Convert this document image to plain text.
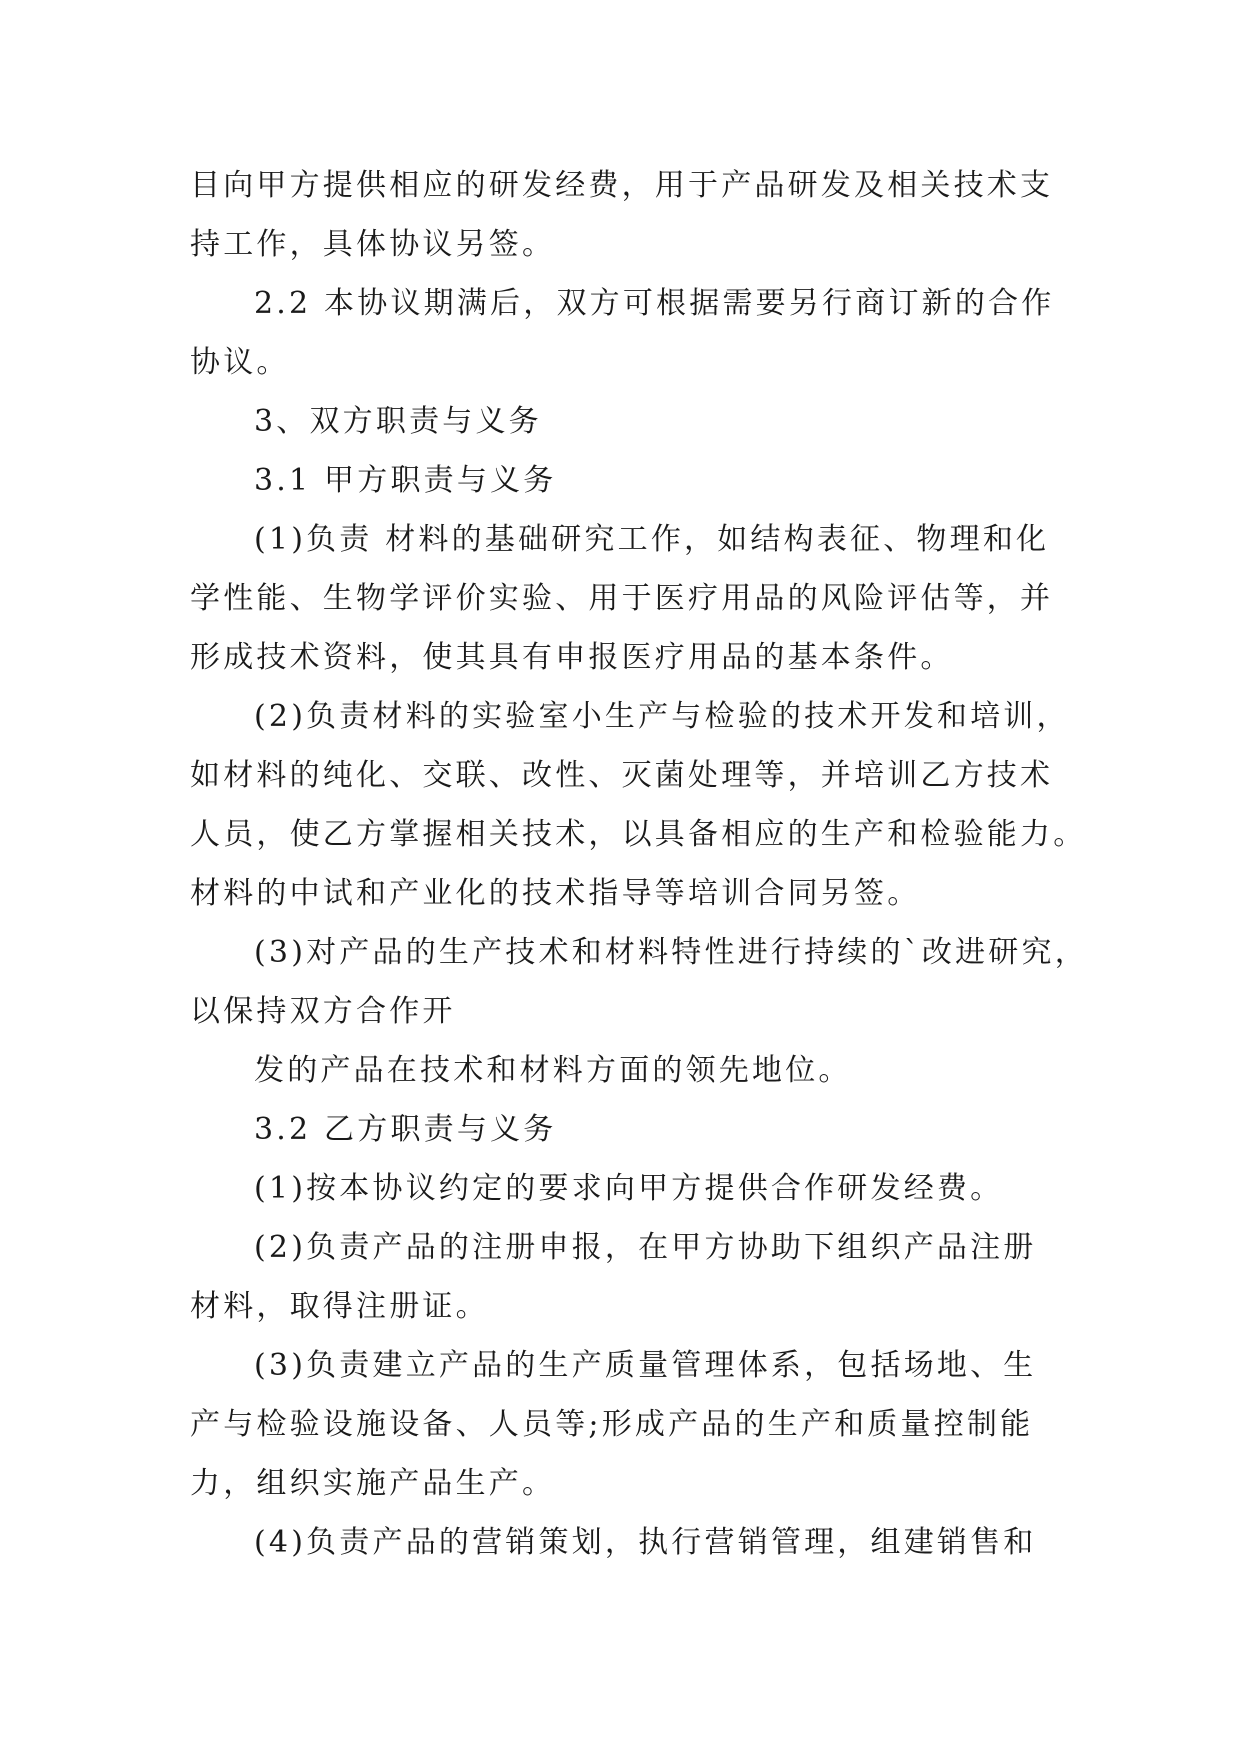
目向甲方提供相应的研发经费，用于产品研发及相关技术支
持工作，具体协议另签。
2.2 本协议期满后，双方可根据需要另行商订新的合作
协议。
3、双方职责与义务
3.1 甲方职责与义务
(1)负责 材料的基础研究工作，如结构表征、物理和化
学性能、生物学评价实验、用于医疗用品的风险评估等，并
形成技术资料，使其具有申报医疗用品的基本条件。
(2)负责材料的实验室小生产与检验的技术开发和培训，
如材料的纯化、交联、改性、灭菌处理等，并培训乙方技术
人员，使乙方掌握相关技术，以具备相应的生产和检验能力。
材料的中试和产业化的技术指导等培训合同另签。
(3)对产品的生产技术和材料特性进行持续的`改进研究，
以保持双方合作开
发的产品在技术和材料方面的领先地位。
3.2 乙方职责与义务
(1)按本协议约定的要求向甲方提供合作研发经费。
(2)负责产品的注册申报，在甲方协助下组织产品注册
材料，取得注册证。
(3)负责建立产品的生产质量管理体系，包括场地、生
产与检验设施设备、人员等;形成产品的生产和质量控制能
力，组织实施产品生产。
(4)负责产品的营销策划，执行营销管理，组建销售和
